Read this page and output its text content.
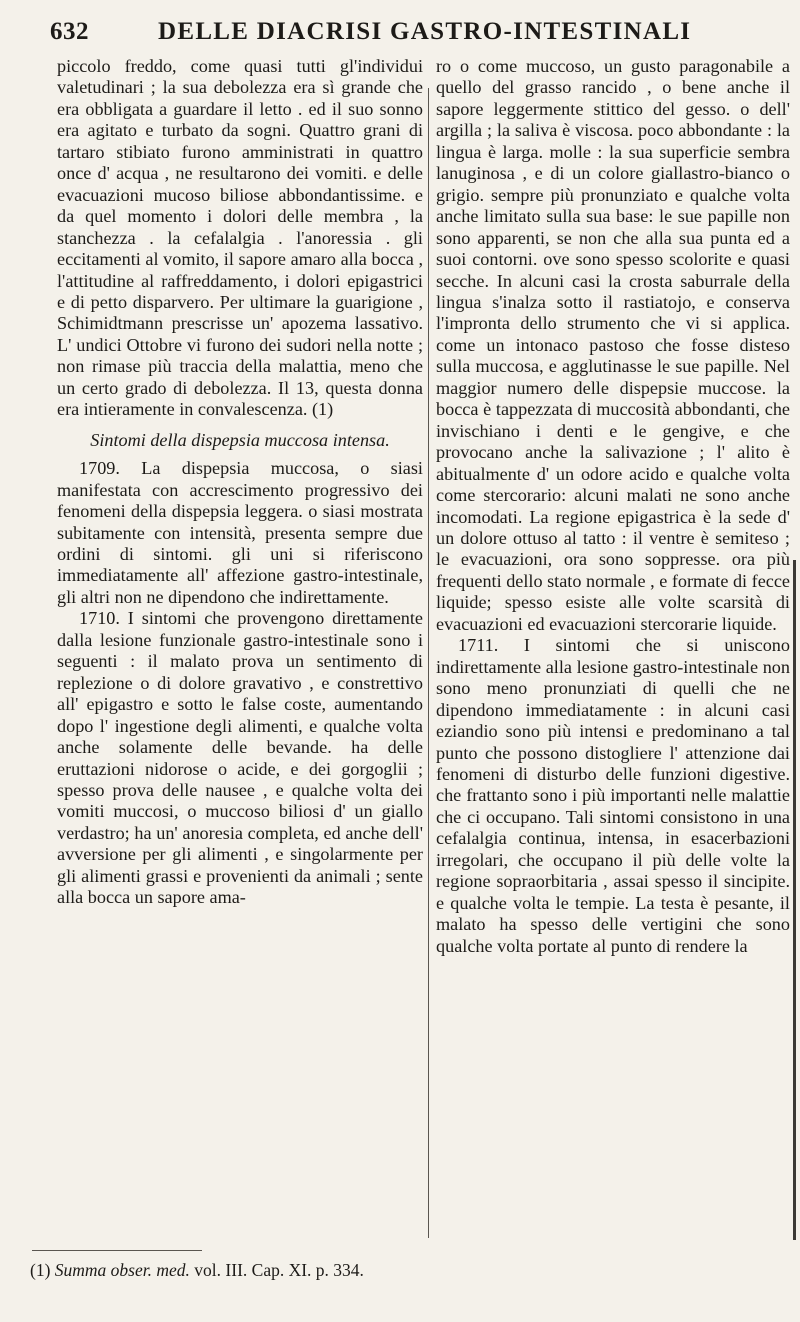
632	DELLE DIACRISI GASTRO-INTESTINALI

piccolo freddo, come quasi tutti gl'individui valetudinari ; la sua debolezza era sì grande che era obbligata a guardare il letto . ed il suo sonno era agitato e turbato da sogni. Quattro grani di tartaro stibiato furono amministrati in quattro once d' acqua , ne resultarono dei vomiti. e delle evacuazioni mucoso biliose abbondantissime. e da quel momento i dolori delle membra , la stanchezza . la cefalalgia . l'anoressia . gli eccitamenti al vomito, il sapore amaro alla bocca , l'attitudine al raffreddamento, i dolori epigastrici e di petto disparvero. Per ultimare la guarigione , Schimidtmann prescrisse un' apozema lassativo. L' undici Ottobre vi furono dei sudori nella notte ; non rimase più traccia della malattia, meno che un certo grado di debolezza. Il 13, questa donna era intieramente in convalescenza. (1)

Sintomi della dispepsia muccosa intensa.

1709. La dispepsia muccosa, o siasi manifestata con accrescimento progressivo dei fenomeni della dispepsia leggera. o siasi mostrata subitamente con intensità, presenta sempre due ordini di sintomi. gli uni si riferiscono immediatamente all' affezione gastro-intestinale, gli altri non ne dipendono che indirettamente.

1710. I sintomi che provengono direttamente dalla lesione funzionale gastro-intestinale sono i seguenti : il malato prova un sentimento di replezione o di dolore gravativo , e constrettivo all' epigastro e sotto le false coste, aumentando dopo l' ingestione degli alimenti, e qualche volta anche solamente delle bevande. ha delle eruttazioni nidorose o acide, e dei gorgoglii ; spesso prova delle nausee , e qualche volta dei vomiti muccosi, o muccoso biliosi d' un giallo verdastro; ha un' anoresia completa, ed anche dell' avversione per gli alimenti , e singolarmente per gli alimenti grassi e provenienti da animali ; sente alla bocca un sapore ama-

ro o come muccoso, un gusto paragonabile a quello del grasso rancido , o bene anche il sapore leggermente stittico del gesso. o dell' argilla ; la saliva è viscosa. poco abbondante : la lingua è larga. molle : la sua superficie sembra lanuginosa , e di un colore giallastro-bianco o grigio. sempre più pronunziato e qualche volta anche limitato sulla sua base: le sue papille non sono apparenti, se non che alla sua punta ed a suoi contorni. ove sono spesso scolorite e quasi secche. In alcuni casi la crosta saburrale della lingua s'inalza sotto il rastiatojo, e conserva l'impronta dello strumento che vi si applica. come un intonaco pastoso che fosse disteso sulla muccosa, e agglutinasse le sue papille. Nel maggior numero delle dispepsie muccose. la bocca è tappezzata di muccosità abbondanti, che invischiano i denti e le gengive, e che provocano anche la salivazione ; l' alito è abitualmente d' un odore acido e qualche volta come stercorario: alcuni malati ne sono anche incomodati. La regione epigastrica è la sede d' un dolore ottuso al tatto : il ventre è semiteso ; le evacuazioni, ora sono soppresse. ora più frequenti dello stato normale , e formate di fecce liquide; spesso esiste alle volte scarsità di evacuazioni ed evacuazioni stercorarie liquide.

1711. I sintomi che si uniscono indirettamente alla lesione gastro-intestinale non sono meno pronunziati di quelli che ne dipendono immediatamente : in alcuni casi eziandio sono più intensi e predominano a tal punto che possono distogliere l' attenzione dai fenomeni di disturbo delle funzioni digestive. che frattanto sono i più importanti nelle malattie che ci occupano. Tali sintomi consistono in una cefalalgia continua, intensa, in esacerbazioni irregolari, che occupano il più delle volte la regione sopraorbitaria , assai spesso il sincipite. e qualche volta le tempie. La testa è pesante, il malato ha spesso delle vertigini che sono qualche volta portate al punto di rendere la

(1) Summa obser. med. vol. III. Cap. XI. p. 334.
